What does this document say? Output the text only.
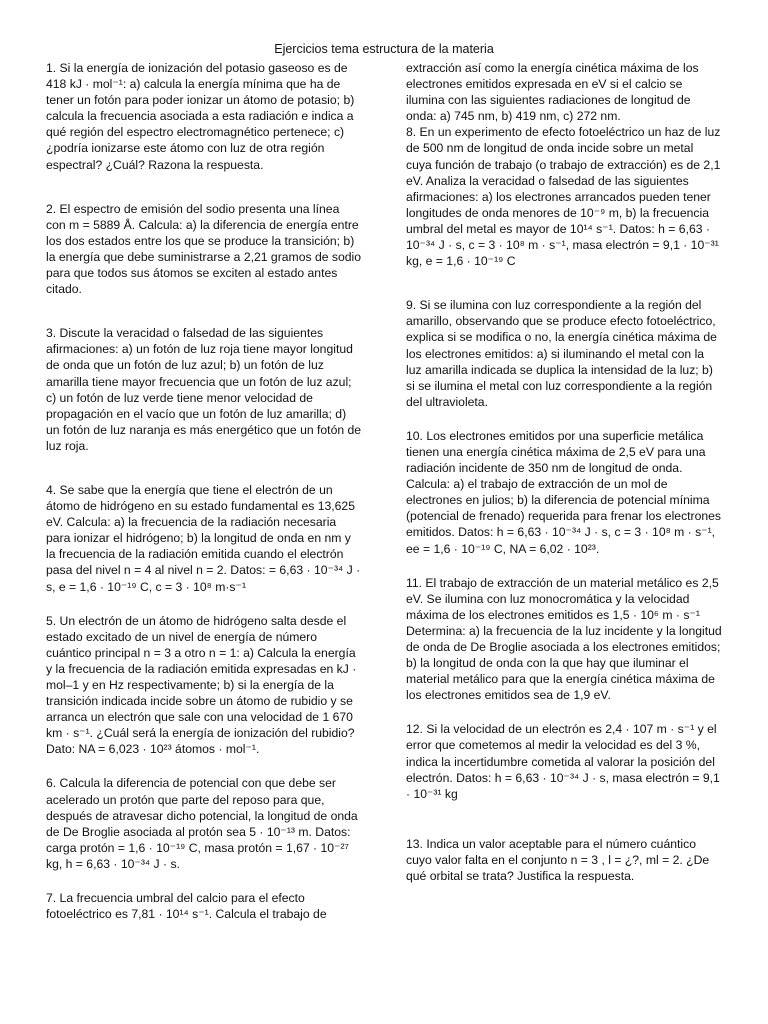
Ejercicios tema estructura de la materia

1. Si la energía de ionización del potasio gaseoso es de 418 kJ · mol⁻¹: a) calcula la energía mínima que ha de tener un fotón para poder ionizar un átomo de potasio; b) calcula la frecuencia asociada a esta radiación e indica a qué región del espectro electromagnético pertenece; c) ¿podría ionizarse este átomo con luz de otra región espectral? ¿Cuál? Razona la respuesta.

2. El espectro de emisión del sodio presenta una línea con m = 5889 Å. Calcula: a) la diferencia de energía entre los dos estados entre los que se produce la transición; b) la energía que debe suministrarse a 2,21 gramos de sodio para que todos sus átomos se exciten al estado antes citado.

3. Discute la veracidad o falsedad de las siguientes afirmaciones: a) un fotón de luz roja tiene mayor longitud de onda que un fotón de luz azul; b) un fotón de luz amarilla tiene mayor frecuencia que un fotón de luz azul; c) un fotón de luz verde tiene menor velocidad de propagación en el vacío que un fotón de luz amarilla; d) un fotón de luz naranja es más energético que un fotón de luz roja.

4. Se sabe que la energía que tiene el electrón de un átomo de hidrógeno en su estado fundamental es 13,625 eV. Calcula: a) la frecuencia de la radiación necesaria para ionizar el hidrógeno; b) la longitud de onda en nm y la frecuencia de la radiación emitida cuando el electrón pasa del nivel n = 4 al nivel n = 2. Datos: = 6,63 · 10⁻³⁴ J · s, e = 1,6 · 10⁻¹⁹ C, c = 3 · 10⁸ m·s⁻¹

5. Un electrón de un átomo de hidrógeno salta desde el estado excitado de un nivel de energía de número cuántico principal n = 3 a otro n = 1: a) Calcula la energía y la frecuencia de la radiación emitida expresadas en kJ · mol–1 y en Hz respectivamente; b) si la energía de la transición indicada incide sobre un átomo de rubidio y se arranca un electrón que sale con una velocidad de 1 670 km · s⁻¹. ¿Cuál será la energía de ionización del rubidio? Dato: NA = 6,023 · 10²³ átomos · mol⁻¹.

6. Calcula la diferencia de potencial con que debe ser acelerado un protón que parte del reposo para que, después de atravesar dicho potencial, la longitud de onda de De Broglie asociada al protón sea 5 · 10⁻¹³ m. Datos: carga protón = 1,6 · 10⁻¹⁹ C, masa protón = 1,67 · 10⁻²⁷ kg, h = 6,63 · 10⁻³⁴ J · s.

7. La frecuencia umbral del calcio para el efecto fotoeléctrico es 7,81 · 10¹⁴ s⁻¹. Calcula el trabajo de

extracción así como la energía cinética máxima de los electrones emitidos expresada en eV si el calcio se ilumina con las siguientes radiaciones de longitud de onda: a) 745 nm, b) 419 nm, c) 272 nm.

8. En un experimento de efecto fotoeléctrico un haz de luz de 500 nm de longitud de onda incide sobre un metal cuya función de trabajo (o trabajo de extracción) es de 2,1 eV. Analiza la veracidad o falsedad de las siguientes afirmaciones: a) los electrones arrancados pueden tener longitudes de onda menores de 10⁻⁹ m, b) la frecuencia umbral del metal es mayor de 10¹⁴ s⁻¹. Datos: h = 6,63 · 10⁻³⁴ J · s, c = 3 · 10⁸ m · s⁻¹, masa electrón = 9,1 · 10⁻³¹ kg, e = 1,6 · 10⁻¹⁹ C

9. Si se ilumina con luz correspondiente a la región del amarillo, observando que se produce efecto fotoeléctrico, explica si se modifica o no, la energía cinética máxima de los electrones emitidos: a) si iluminando el metal con la luz amarilla indicada se duplica la intensidad de la luz; b) si se ilumina el metal con luz correspondiente a la región del ultravioleta.

10. Los electrones emitidos por una superficie metálica tienen una energía cinética máxima de 2,5 eV para una radiación incidente de 350 nm de longitud de onda. Calcula: a) el trabajo de extracción de un mol de electrones en julios; b) la diferencia de potencial mínima (potencial de frenado) requerida para frenar los electrones emitidos. Datos: h = 6,63 · 10⁻³⁴ J · s, c = 3 · 10⁸ m · s⁻¹, ee = 1,6 · 10⁻¹⁹ C, NA = 6,02 · 10²³.

11. El trabajo de extracción de un material metálico es 2,5 eV. Se ilumina con luz monocromática y la velocidad máxima de los electrones emitidos es 1,5 · 10⁶ m · s⁻¹ Determina: a) la frecuencia de la luz incidente y la longitud de onda de De Broglie asociada a los electrones emitidos; b) la longitud de onda con la que hay que iluminar el material metálico para que la energía cinética máxima de los electrones emitidos sea de 1,9 eV.

12. Si la velocidad de un electrón es 2,4 · 107 m · s⁻¹ y el error que cometemos al medir la velocidad es del 3 %, indica la incertidumbre cometida al valorar la posición del electrón. Datos: h = 6,63 · 10⁻³⁴ J · s, masa electrón = 9,1 · 10⁻³¹ kg

13. Indica un valor aceptable para el número cuántico cuyo valor falta en el conjunto n = 3 , l = ¿?, ml = 2. ¿De qué orbital se trata? Justifica la respuesta.
